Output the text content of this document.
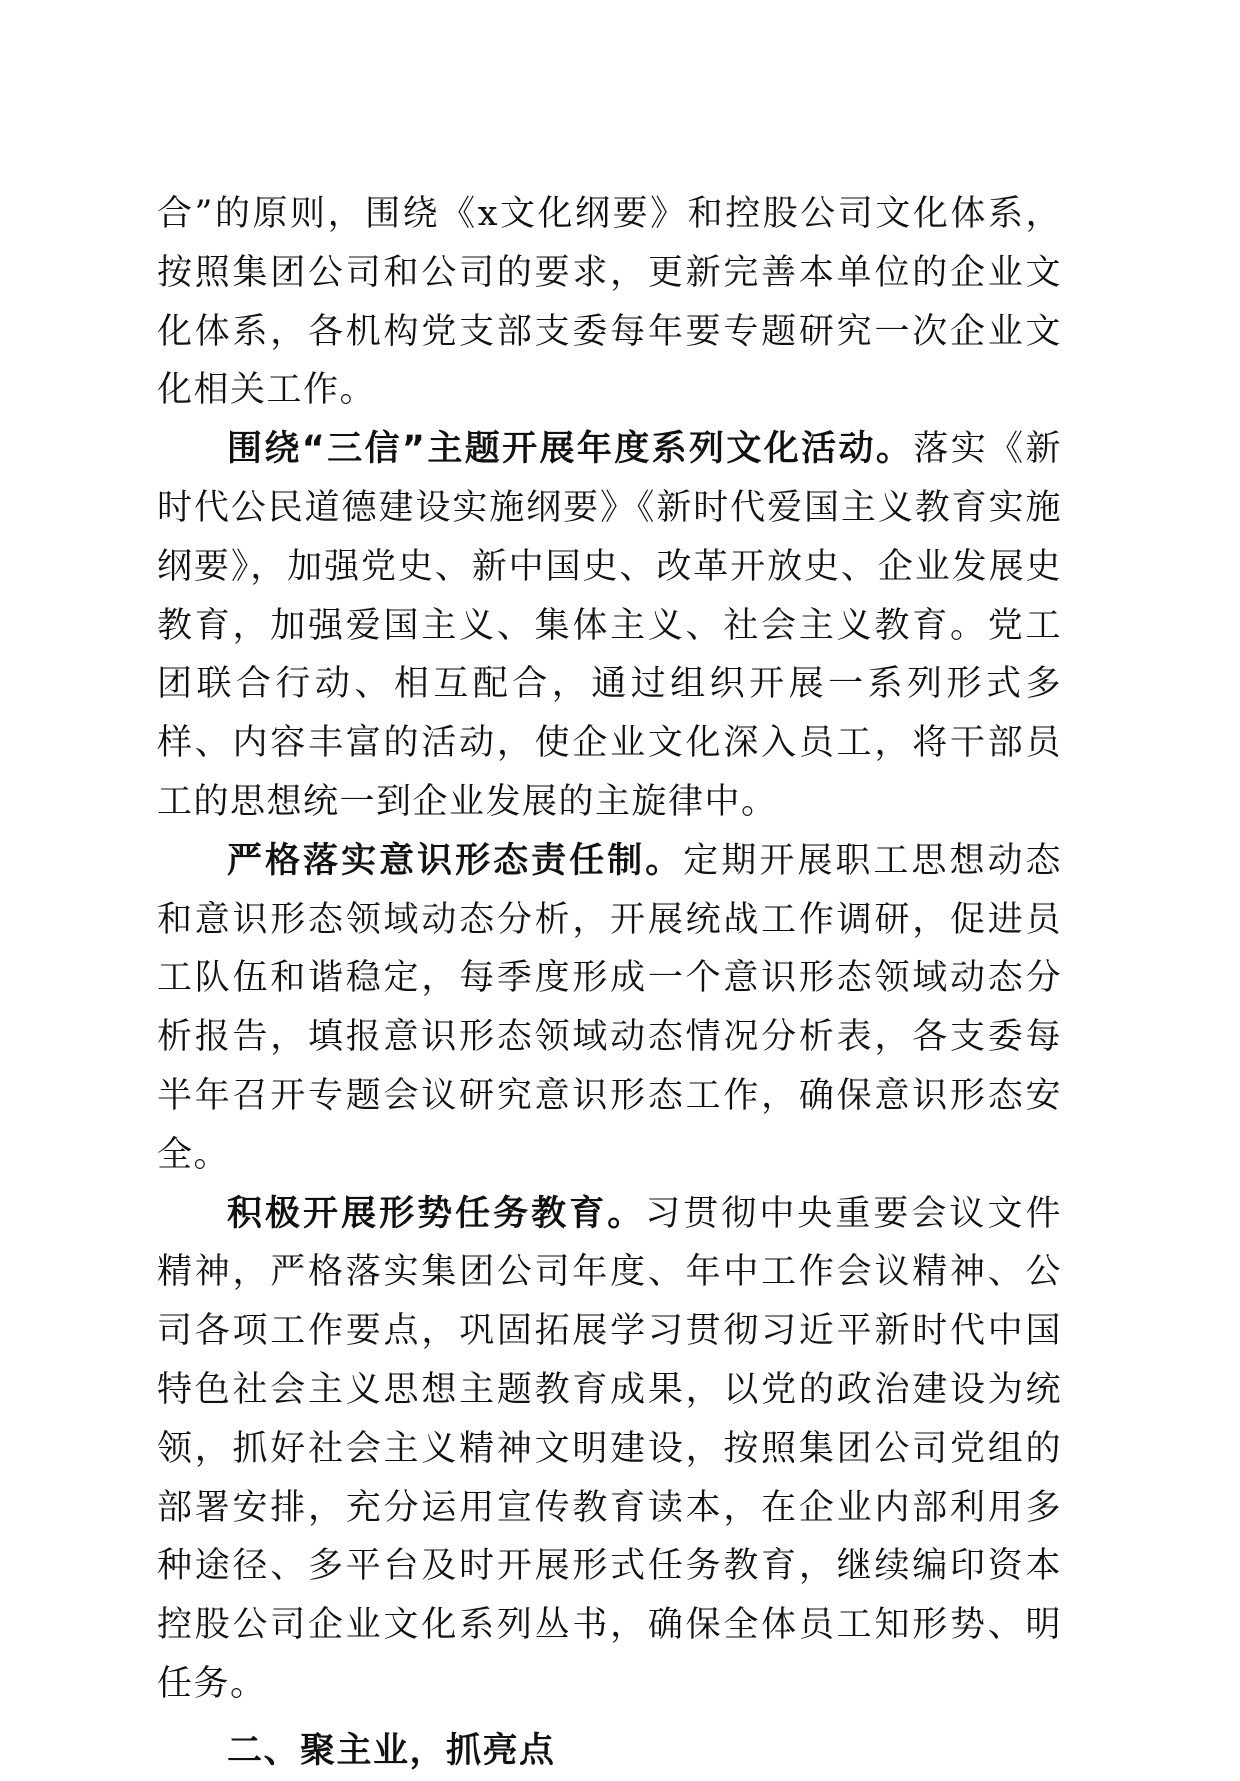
合”的原则，围绕《x文化纲要》和控股公司文化体系，按照集团公司和公司的要求，更新完善本单位的企业文化体系，各机构党支部支委每年要专题研究一次企业文化相关工作。

围绕“三信”主题开展年度系列文化活动。落实《新时代公民道德建设实施纲要》《新时代爱国主义教育实施纲要》，加强党史、新中国史、改革开放史、企业发展史教育，加强爱国主义、集体主义、社会主义教育。党工团联合行动、相互配合，通过组织开展一系列形式多样、内容丰富的活动，使企业文化深入员工，将干部员工的思想统一到企业发展的主旋律中。

严格落实意识形态责任制。定期开展职工思想动态和意识形态领域动态分析，开展统战工作调研，促进员工队伍和谐稳定，每季度形成一个意识形态领域动态分析报告，填报意识形态领域动态情况分析表，各支委每半年召开专题会议研究意识形态工作，确保意识形态安全。

积极开展形势任务教育。习贯彻中央重要会议文件精神，严格落实集团公司年度、年中工作会议精神、公司各项工作要点，巩固拓展学习贯彻习近平新时代中国特色社会主义思想主题教育成果，以党的政治建设为统领，抓好社会主义精神文明建设，按照集团公司党组的部署安排，充分运用宣传教育读本，在企业内部利用多种途径、多平台及时开展形式任务教育，继续编印资本控股公司企业文化系列丛书，确保全体员工知形势、明任务。

二、聚主业，抓亮点
